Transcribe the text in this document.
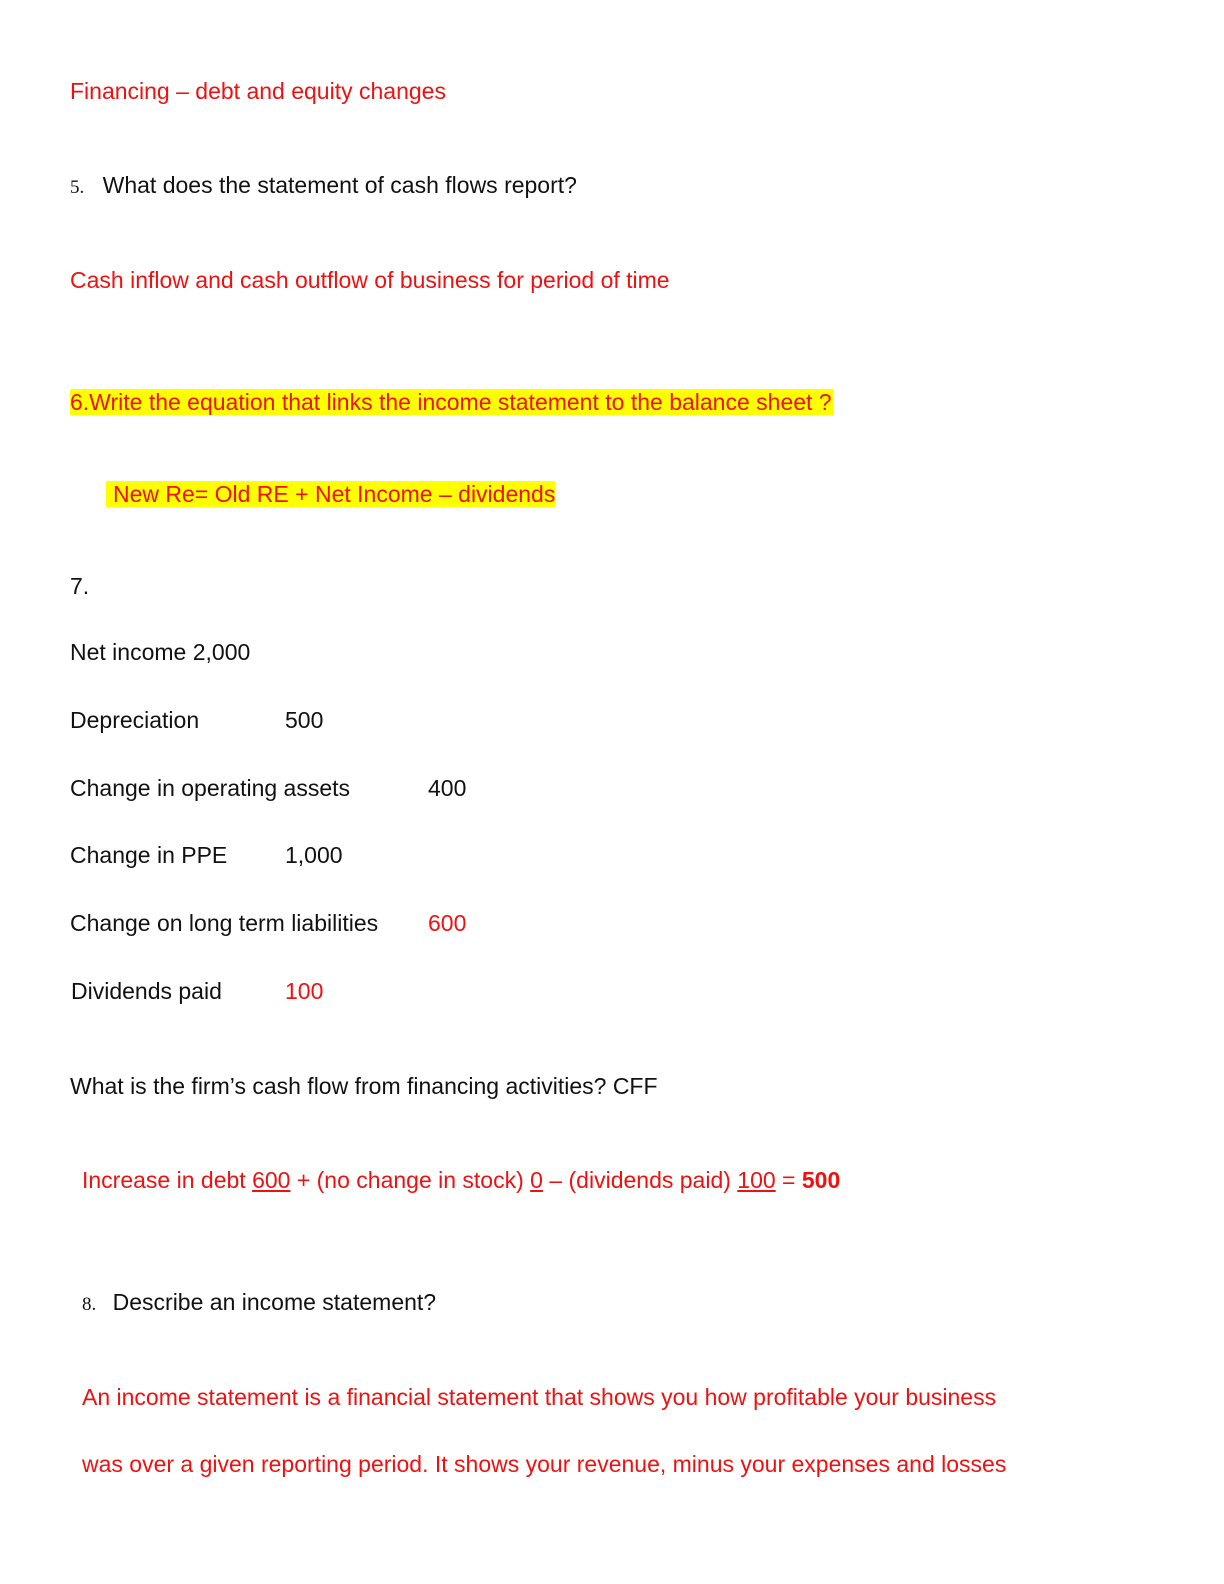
Financing – debt and equity changes
5. What does the statement of cash flows report?
Cash inflow and cash outflow of business for period of time
6.Write the equation that links the income statement to the balance sheet ?
New Re= Old RE + Net Income – dividends
7.
Net income 2,000
Depreciation	500
Change in operating assets	400
Change in PPE	1,000
Change on long term liabilities 600
Dividends paid	100
What is the firm’s cash flow from financing activities? CFF
Increase in debt 600 + (no change in stock) 0 – (dividends paid) 100 = 500
8. Describe an income statement?
An income statement is a financial statement that shows you how profitable your business
was over a given reporting period. It shows your revenue, minus your expenses and losses
